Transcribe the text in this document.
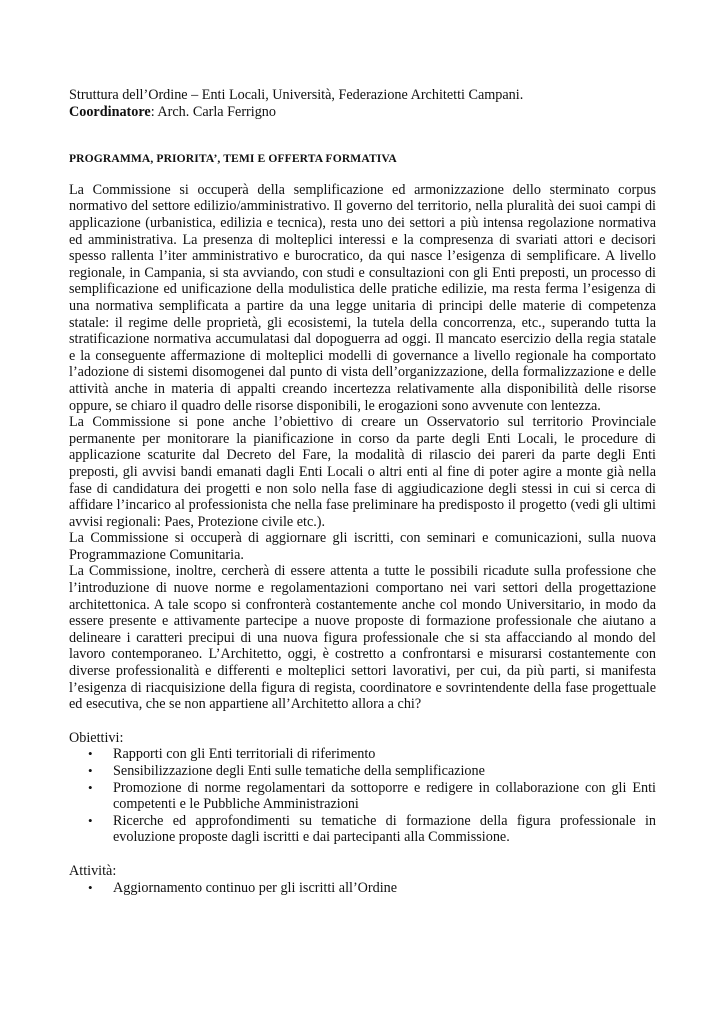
Struttura dell’Ordine – Enti Locali, Università, Federazione Architetti Campani.

Coordinatore: Arch. Carla Ferrigno

PROGRAMMA, PRIORITA’, TEMI E OFFERTA FORMATIVA

La Commissione si occuperà della semplificazione ed armonizzazione dello sterminato corpus normativo del settore edilizio/amministrativo. Il governo del territorio, nella pluralità dei suoi campi di applicazione (urbanistica, edilizia e tecnica), resta uno dei settori a più intensa regolazione normativa ed amministrativa. La presenza di molteplici interessi e la compresenza di svariati attori e decisori spesso rallenta l’iter amministrativo e burocratico, da qui nasce l’esigenza di semplificare. A livello regionale, in Campania, si sta avviando, con studi e consultazioni con gli Enti preposti, un processo di semplificazione ed unificazione della modulistica delle pratiche edilizie, ma resta ferma l’esigenza di una normativa semplificata a partire da una legge unitaria di principi delle materie di competenza statale: il regime delle proprietà, gli ecosistemi, la tutela della concorrenza, etc., superando tutta la stratificazione normativa accumulatasi dal dopoguerra ad oggi. Il mancato esercizio della regia statale e la conseguente affermazione di molteplici modelli di governance a livello regionale ha comportato l’adozione di sistemi disomogenei dal punto di vista dell’organizzazione, della formalizzazione e delle attività anche in materia di appalti creando incertezza relativamente alla disponibilità delle risorse oppure, se chiaro il quadro delle risorse disponibili, le erogazioni sono avvenute con lentezza.

La Commissione si pone anche l’obiettivo di creare un Osservatorio sul territorio Provinciale permanente per monitorare la pianificazione in corso da parte degli Enti Locali, le procedure di applicazione scaturite dal Decreto del Fare, la modalità di rilascio dei pareri da parte degli Enti preposti, gli avvisi bandi emanati dagli Enti Locali o altri enti al fine di poter agire a monte già nella fase di candidatura dei progetti e non solo nella fase di aggiudicazione degli stessi in cui si cerca di affidare l’incarico al professionista che nella fase preliminare ha predisposto il progetto (vedi gli ultimi avvisi regionali: Paes, Protezione civile etc.).

La Commissione si occuperà di aggiornare gli iscritti, con seminari e comunicazioni, sulla nuova Programmazione Comunitaria.

La Commissione, inoltre, cercherà di essere attenta a tutte le possibili ricadute sulla professione che l’introduzione di nuove norme e regolamentazioni comportano nei vari settori della progettazione architettonica. A tale scopo si confronterà costantemente anche col mondo Universitario, in modo da essere presente e attivamente partecipe a nuove proposte di formazione professionale che aiutano a delineare i caratteri precipui di una nuova figura professionale che si sta affacciando al mondo del lavoro contemporaneo. L’Architetto, oggi, è costretto a confrontarsi e misurarsi costantemente con diverse professionalità e differenti e molteplici settori lavorativi, per cui, da più parti, si manifesta l’esigenza di riacquisizione della figura di regista, coordinatore e sovrintendente della fase progettuale ed esecutiva, che se non appartiene all’Architetto allora a chi?

Obiettivi:

• Rapporti con gli Enti territoriali di riferimento
• Sensibilizzazione degli Enti sulle tematiche della semplificazione
• Promozione di norme regolamentari da sottoporre e redigere in collaborazione con gli Enti competenti e le Pubbliche Amministrazioni
• Ricerche ed approfondimenti su tematiche di formazione della figura professionale in evoluzione proposte dagli iscritti e dai partecipanti alla Commissione.

Attività:

• Aggiornamento continuo per gli iscritti all’Ordine
